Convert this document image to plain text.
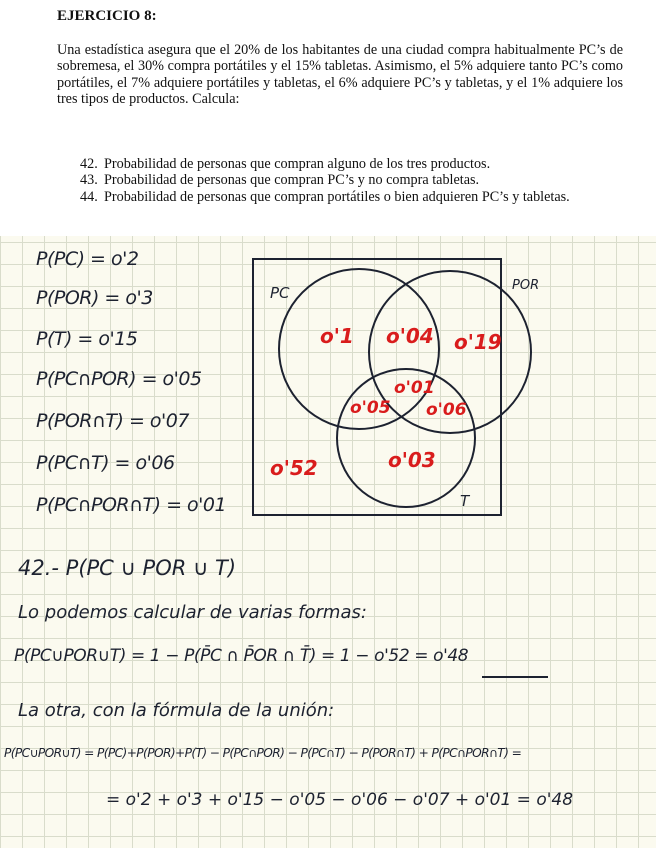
EJERCICIO 8:
Una estadística asegura que el 20% de los habitantes de una ciudad compra habitualmente PC’s de sobremesa, el 30% compra portátiles y el 15% tabletas. Asimismo, el 5% adquiere tanto PC’s como portátiles, el 7% adquiere portátiles y tabletas, el 6% adquiere PC’s y tabletas, y el 1% adquiere los tres tipos de productos. Calcula:
42. Probabilidad de personas que compran alguno de los tres productos.
43. Probabilidad de personas que compran PC’s y no compra tabletas.
44. Probabilidad de personas que compran portátiles o bien adquieren PC’s y tabletas.
P(PC) = o'2
P(POR) = o'3
P(T) = o'15
P(PC∩POR) = o'05
P(POR∩T) = o'07
P(PC∩T) = o'06
P(PC∩POR∩T) = o'01
PC	POR
T
o'1 o'04 o'19
o'01
o'05 o'06
o'03
o'52
42.- P(PC ∪ POR ∪ T)
Lo podemos calcular de varias formas:
P(PC∪POR∪T) = 1 − P(P̄C ∩ P̄OR ∩ T̄) = 1 − o'52 = o'48
La otra, con la fórmula de la unión:
P(PC∪POR∪T) = P(PC)+P(POR)+P(T) − P(PC∩POR) − P(PC∩T) − P(POR∩T) + P(PC∩POR∩T) =
= o'2 + o'3 + o'15 − o'05 − o'06 − o'07 + o'01 = o'48
